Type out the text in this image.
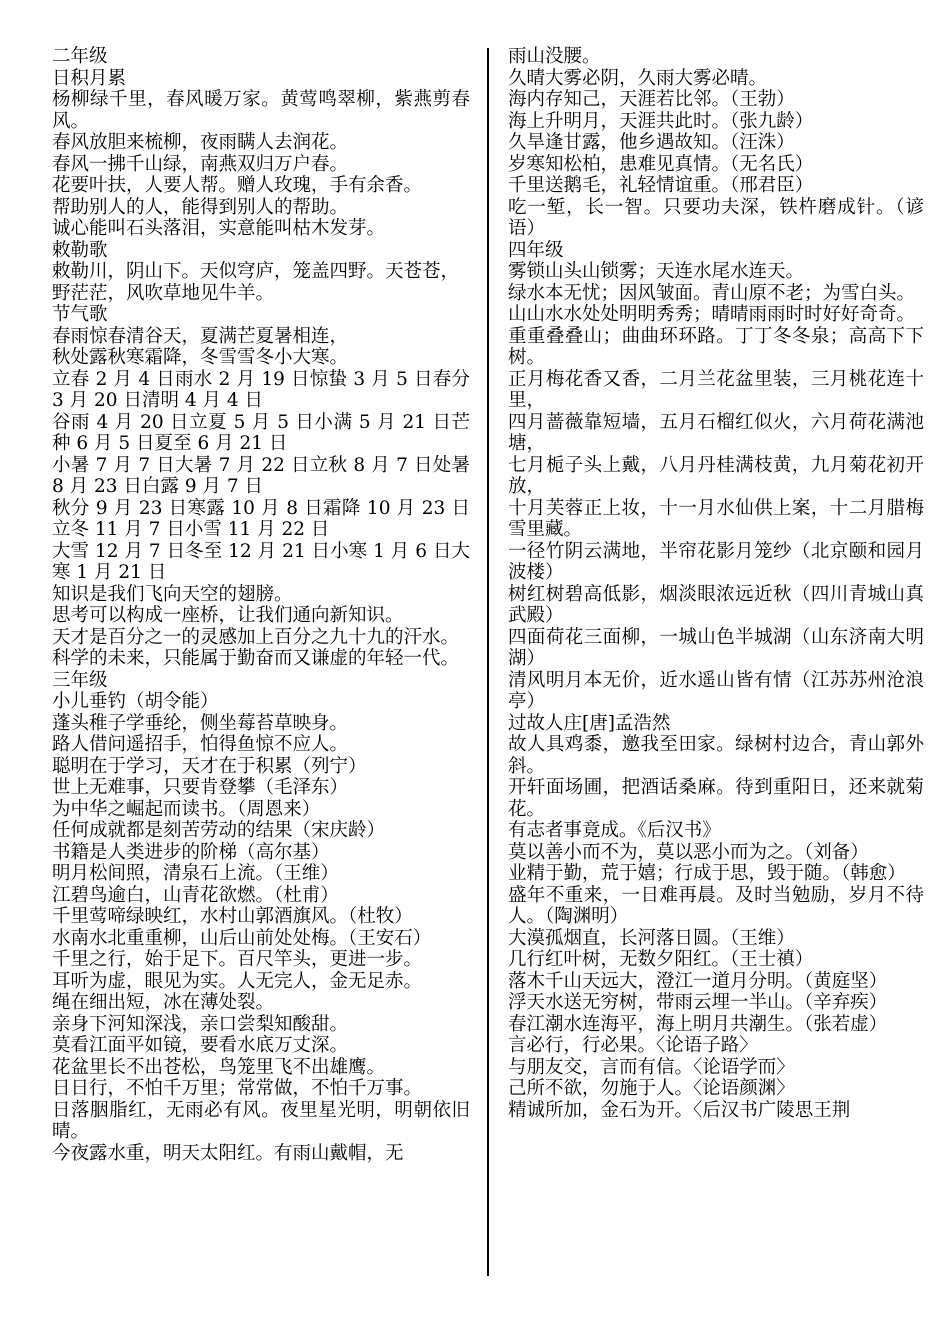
二年级

日积月累

杨柳绿千里，春风暖万家。黄莺鸣翠柳，紫燕剪春风。

春风放胆来梳柳，夜雨瞒人去润花。

春风一拂千山绿，南燕双归万户春。

花要叶扶，人要人帮。赠人玫瑰，手有余香。

帮助别人的人，能得到别人的帮助。

诚心能叫石头落泪，实意能叫枯木发芽。

敕勒歌

敕勒川，阴山下。天似穹庐，笼盖四野。天苍苍，

野茫茫，风吹草地见牛羊。

节气歌

春雨惊春清谷天，夏满芒夏暑相连，

秋处露秋寒霜降，冬雪雪冬小大寒。

立春 2 月 4 日雨水 2 月 19 日惊蛰 3 月 5 日春分 3 月 20 日清明 4 月 4 日

谷雨 4 月 20 日立夏 5 月 5 日小满 5 月 21 日芒种 6 月 5 日夏至 6 月 21 日

小暑 7 月 7 日大暑 7 月 22 日立秋 8 月 7 日处暑 8 月 23 日白露 9 月 7 日

秋分 9 月 23 日寒露 10 月 8 日霜降 10 月 23 日立冬 11 月 7 日小雪 11 月 22 日

大雪 12 月 7 日冬至 12 月 21 日小寒 1 月 6 日大寒 1 月 21 日

知识是我们飞向天空的翅膀。

思考可以构成一座桥，让我们通向新知识。

天才是百分之一的灵感加上百分之九十九的汗水。

科学的未来，只能属于勤奋而又谦虚的年轻一代。

三年级

小儿垂钓（胡令能）

蓬头稚子学垂纶，侧坐莓苔草映身。

路人借问遥招手，怕得鱼惊不应人。

聪明在于学习，天才在于积累（列宁）

世上无难事，只要肯登攀（毛泽东）

为中华之崛起而读书。（周恩来）

任何成就都是刻苦劳动的结果（宋庆龄）

书籍是人类进步的阶梯（高尔基）

明月松间照，清泉石上流。（王维）

江碧鸟逾白，山青花欲燃。（杜甫）

千里莺啼绿映红，水村山郭酒旗风。（杜牧）

水南水北重重柳，山后山前处处梅。（王安石）

千里之行，始于足下。百尺竿头，更进一步。

耳听为虚，眼见为实。人无完人，金无足赤。

绳在细出短，冰在薄处裂。

亲身下河知深浅，亲口尝梨知酸甜。

莫看江面平如镜，要看水底万丈深。

花盆里长不出苍松，鸟笼里飞不出雄鹰。

日日行，不怕千万里；常常做，不怕千万事。

日落胭脂红，无雨必有风。夜里星光明，明朝依旧晴。

今夜露水重，明天太阳红。有雨山戴帽，无

雨山没腰。

久晴大雾必阴，久雨大雾必晴。

海内存知己，天涯若比邻。（王勃）

海上升明月，天涯共此时。（张九龄）

久旱逢甘露，他乡遇故知。（汪洙）

岁寒知松柏，患难见真情。（无名氏）

千里送鹅毛，礼轻情谊重。（邢君臣）

吃一堑，长一智。只要功夫深，铁杵磨成针。（谚语）

四年级

雾锁山头山锁雾；天连水尾水连天。

绿水本无忧；因风皱面。青山原不老；为雪白头。

山山水水处处明明秀秀；晴晴雨雨时时好好奇奇。

重重叠叠山；曲曲环环路。丁丁冬冬泉；高高下下树。

正月梅花香又香，二月兰花盆里装，三月桃花连十里，

四月蔷薇靠短墙，五月石榴红似火，六月荷花满池塘，

七月栀子头上戴，八月丹桂满枝黄，九月菊花初开放，

十月芙蓉正上妆，十一月水仙供上案，十二月腊梅雪里藏。

一径竹阴云满地，半帘花影月笼纱（北京颐和园月波楼）

树红树碧高低影，烟淡眼浓远近秋（四川青城山真武殿）

四面荷花三面柳，一城山色半城湖（山东济南大明湖）

清风明月本无价，近水遥山皆有情（江苏苏州沧浪亭）

过故人庄[唐]孟浩然

故人具鸡黍，邀我至田家。绿树村边合，青山郭外斜。

开轩面场圃，把酒话桑麻。待到重阳日，还来就菊花。

有志者事竟成。《后汉书》

莫以善小而不为，莫以恶小而为之。（刘备）

业精于勤，荒于嬉；行成于思，毁于随。（韩愈）

盛年不重来，一日难再晨。及时当勉励，岁月不待人。（陶渊明）

大漠孤烟直，长河落日圆。（王维）

几行红叶树，无数夕阳红。（王士禛）

落木千山天远大，澄江一道月分明。（黄庭坚）

浮天水送无穷树，带雨云埋一半山。（辛弃疾）

春江潮水连海平，海上明月共潮生。（张若虚）

言必行，行必果。〈论语子路〉

与朋友交，言而有信。〈论语学而〉

己所不欲，勿施于人。〈论语颜渊〉

精诚所加，金石为开。〈后汉书广陵思王荆
